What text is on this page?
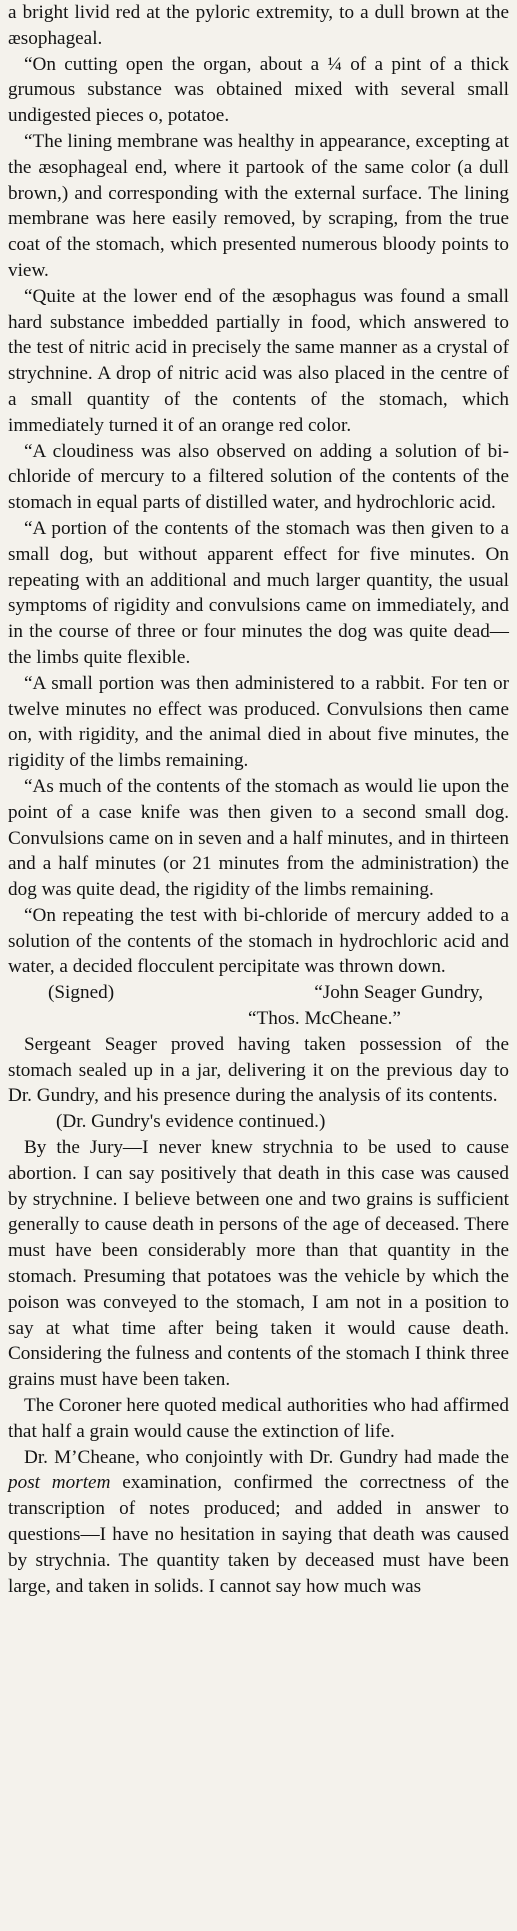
a bright livid red at the pyloric extremity, to a dull brown at the æsophageal.

“On cutting open the organ, about a ¼ of a pint of a thick grumous substance was obtained mixed with several small undigested pieces o, potatoe.

“The lining membrane was healthy in appearance, excepting at the æsophageal end, where it partook of the same color (a dull brown,) and corresponding with the external surface. The lining membrane was here easily removed, by scraping, from the true coat of the stomach, which presented numerous bloody points to view.

“Quite at the lower end of the æsophagus was found a small hard substance imbedded partially in food, which answered to the test of nitric acid in precisely the same manner as a crystal of strychnine. A drop of nitric acid was also placed in the centre of a small quantity of the contents of the stomach, which immediately turned it of an orange red color.

“A cloudiness was also observed on adding a solution of bi-chloride of mercury to a filtered solution of the contents of the stomach in equal parts of distilled water, and hydrochloric acid.

“A portion of the contents of the stomach was then given to a small dog, but without apparent effect for five minutes. On repeating with an additional and much larger quantity, the usual symptoms of rigidity and convulsions came on immediately, and in the course of three or four minutes the dog was quite dead—the limbs quite flexible.

“A small portion was then administered to a rabbit. For ten or twelve minutes no effect was produced. Convulsions then came on, with rigidity, and the animal died in about five minutes, the rigidity of the limbs remaining.

“As much of the contents of the stomach as would lie upon the point of a case knife was then given to a second small dog. Convulsions came on in seven and a half minutes, and in thirteen and a half minutes (or 21 minutes from the administration) the dog was quite dead, the rigidity of the limbs remaining.

“On repeating the test with bi-chloride of mercury added to a solution of the contents of the stomach in hydrochloric acid and water, a decided flocculent percipitate was thrown down.

(Signed)	“John Seager Gundry,
“Thos. McCheane.”

Sergeant Seager proved having taken possession of the stomach sealed up in a jar, delivering it on the previous day to Dr. Gundry, and his presence during the analysis of its contents.

(Dr. Gundry's evidence continued.)

By the Jury—I never knew strychnia to be used to cause abortion. I can say positively that death in this case was caused by strychnine. I believe between one and two grains is sufficient generally to cause death in persons of the age of deceased. There must have been considerably more than that quantity in the stomach. Presuming that potatoes was the vehicle by which the poison was conveyed to the stomach, I am not in a position to say at what time after being taken it would cause death. Considering the fulness and contents of the stomach I think three grains must have been taken.

The Coroner here quoted medical authorities who had affirmed that half a grain would cause the extinction of life.

Dr. M’Cheane, who conjointly with Dr. Gundry had made the post mortem examination, confirmed the correctness of the transcription of notes produced; and added in answer to questions—I have no hesitation in saying that death was caused by strychnia. The quantity taken by deceased must have been large, and taken in solids. I cannot say how much was
